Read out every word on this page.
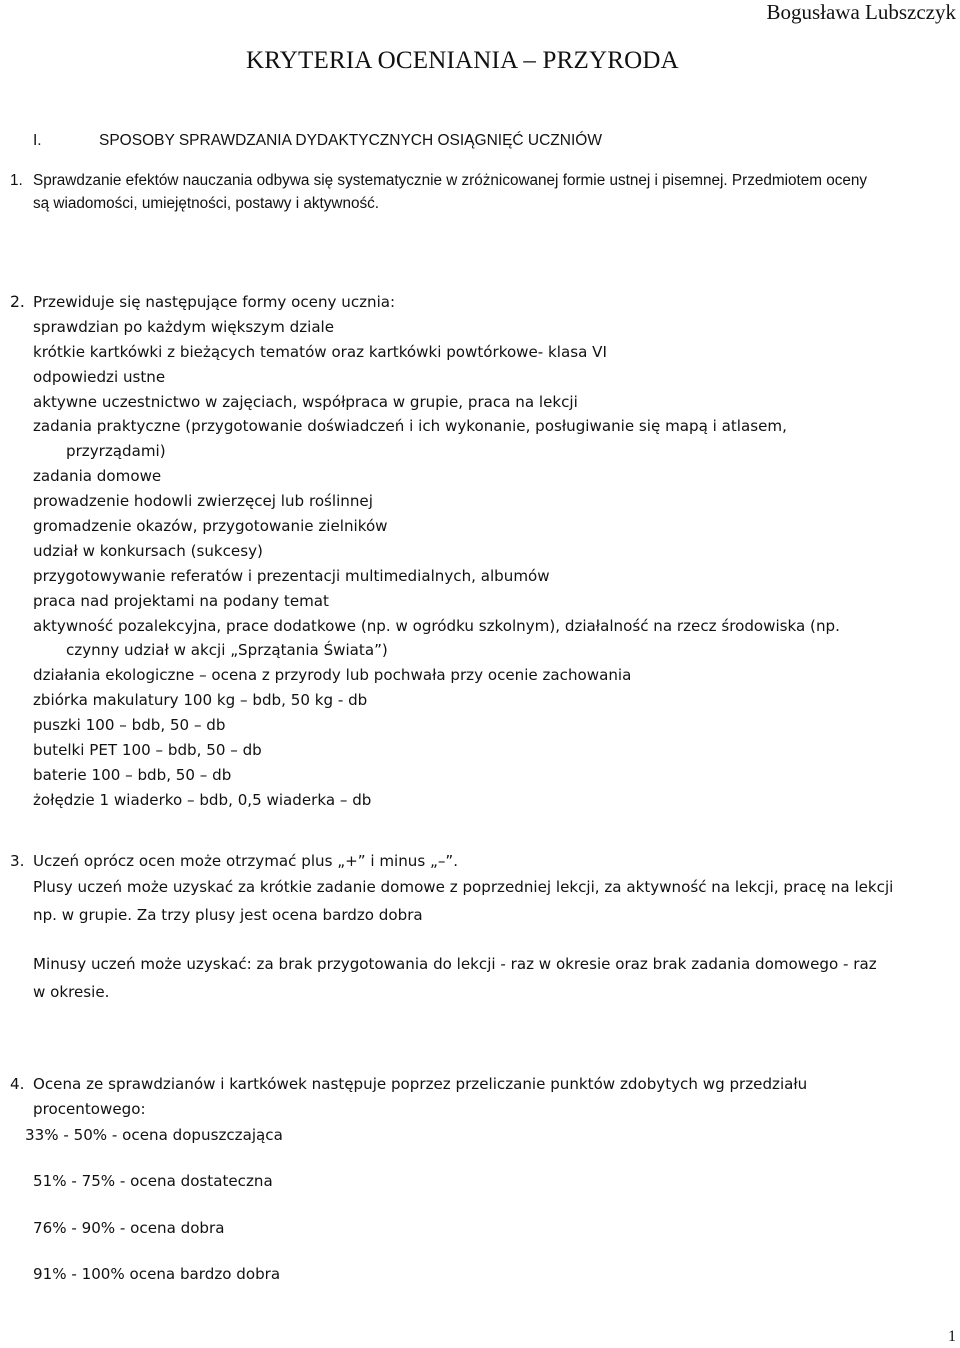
Bogusława Lubszczyk
KRYTERIA OCENIANIA – PRZYRODA
I.	SPOSOBY SPRAWDZANIA DYDAKTYCZNYCH OSIĄGNIĘĆ UCZNIÓW
1. Sprawdzanie efektów nauczania odbywa się systematycznie w zróżnicowanej formie ustnej i pisemnej. Przedmiotem oceny
są wiadomości, umiejętności, postawy i aktywność.
2. Przewiduje się następujące formy oceny ucznia:
sprawdzian po każdym większym dziale
krótkie kartkówki z bieżących tematów oraz kartkówki powtórkowe- klasa VI
odpowiedzi ustne
aktywne uczestnictwo w zajęciach, współpraca w grupie, praca na lekcji
zadania praktyczne (przygotowanie doświadczeń i ich wykonanie, posługiwanie się mapą i atlasem,
przyrządami)
zadania domowe
prowadzenie hodowli zwierzęcej lub roślinnej
gromadzenie okazów, przygotowanie zielników
udział w konkursach (sukcesy)
przygotowywanie referatów i prezentacji multimedialnych, albumów
praca nad projektami na podany temat
aktywność pozalekcyjna, prace dodatkowe (np. w ogródku szkolnym), działalność na rzecz środowiska (np.
czynny udział w akcji „Sprzątania Świata”)
działania ekologiczne – ocena z przyrody lub pochwała przy ocenie zachowania
zbiórka makulatury 100 kg – bdb, 50 kg - db
puszki 100 – bdb, 50 – db
butelki PET 100 – bdb, 50 – db
baterie 100 – bdb, 50 – db
żołędzie 1 wiaderko – bdb, 0,5 wiaderka – db
3. Uczeń oprócz ocen może otrzymać plus „+” i minus „–”.
Plusy uczeń może uzyskać za krótkie zadanie domowe z poprzedniej lekcji, za aktywność na lekcji, pracę na lekcji
np. w grupie. Za trzy plusy jest ocena bardzo dobra
Minusy uczeń może uzyskać: za brak przygotowania do lekcji - raz w okresie oraz brak zadania domowego - raz
w okresie.
4. Ocena ze sprawdzianów i kartkówek następuje poprzez przeliczanie punktów zdobytych wg przedziału
procentowego:
33% - 50% - ocena dopuszczająca
51% - 75% - ocena dostateczna
76% - 90% - ocena dobra
91% - 100% ocena bardzo dobra
1
